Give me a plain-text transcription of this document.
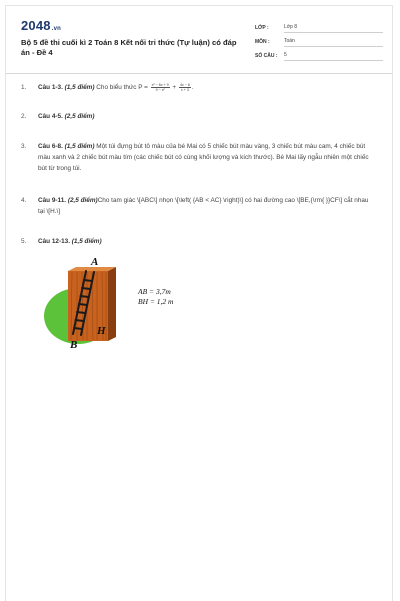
2048.vn
Bộ 5 đề thi cuối kì 2 Toán 8 Kết nối tri thức (Tự luận) có đáp án - Đề 4
LỚP :	Lớp 8
MÔN :	Toán
SỐ CÂU :	5
1.	Câu 1-3. (1,5 điểm) Cho biểu thức $P = \frac{\text{x² − 6x + 9}}{\text{9 − x²}} + \frac{4x - 6}{x + 3}$ .
2.	Câu 4-5. (2,5 điểm)
3.	Câu 6-8. (1,5 điểm) Một túi đựng bút tô màu của bé Mai có 5 chiếc bút màu vàng, 3 chiếc bút màu cam, 4 chiếc bút màu xanh và 2 chiếc bút màu tím (các chiếc bút có cùng khối lượng và kích thước). Bé Mai lấy ngẫu nhiên một chiếc bút từ trong túi.
4.	Câu 9-11. (2,5 điểm)Cho tam giác \[ABC\] nhọn \[\left( {AB < AC} \right)\] có hai đường cao \[BE,{\rm{ }}CF\] cắt nhau tại \[H.\]
5.	Câu 12-13. (1,5 điểm)
A
H
B
AB = 3,7m
BH = 1,2 m
